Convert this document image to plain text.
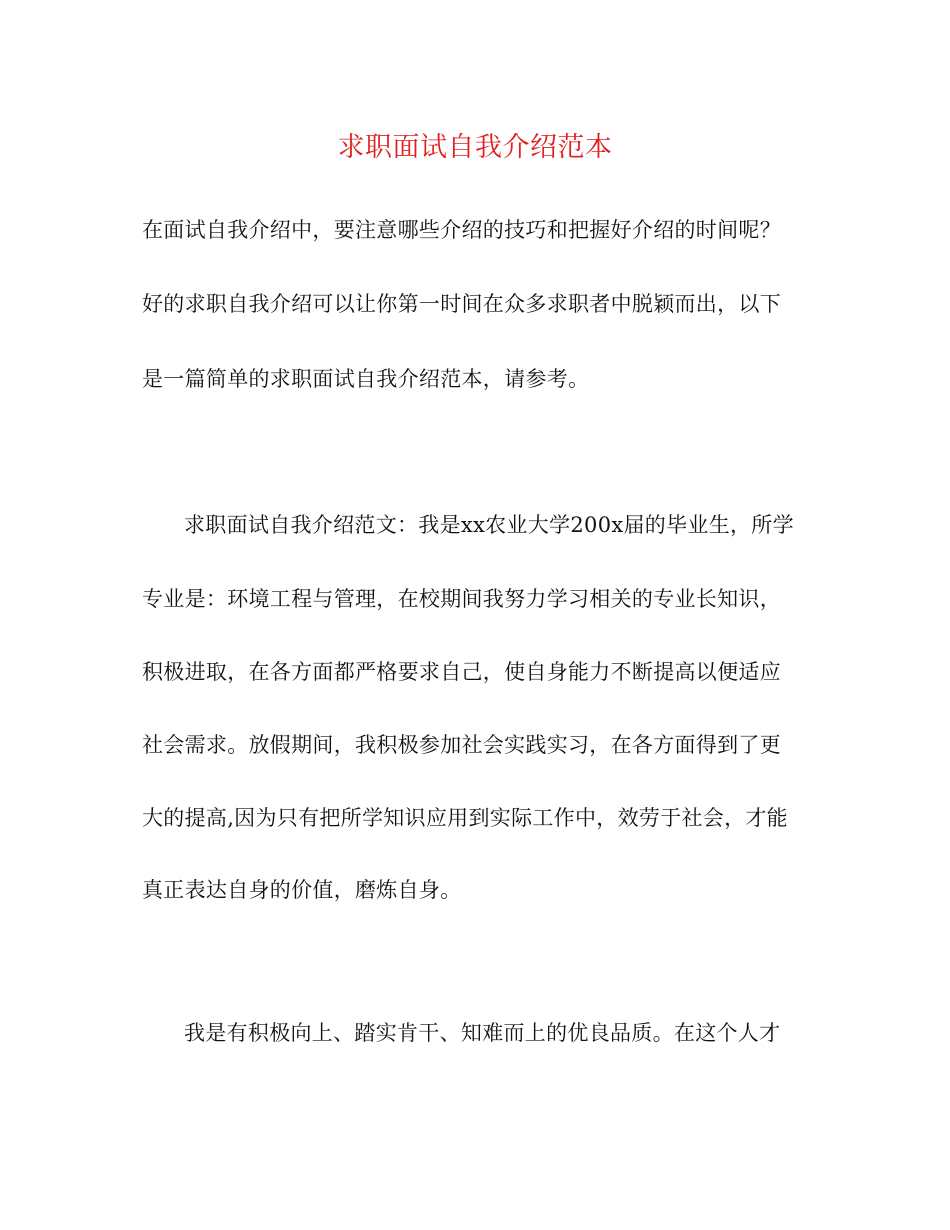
求职面试自我介绍范本
在面试自我介绍中，要注意哪些介绍的技巧和把握好介绍的时间呢？
好的求职自我介绍可以让你第一时间在众多求职者中脱颖而出，以下
是一篇简单的求职面试自我介绍范本，请参考。
求职面试自我介绍范文：我是xx农业大学200x届的毕业生，所学
专业是：环境工程与管理，在校期间我努力学习相关的专业长知识，
积极进取，在各方面都严格要求自己，使自身能力不断提高以便适应
社会需求。放假期间，我积极参加社会实践实习，在各方面得到了更
大的提高,因为只有把所学知识应用到实际工作中，效劳于社会，才能
真正表达自身的价值，磨炼自身。
我是有积极向上、踏实肯干、知难而上的优良品质。在这个人才
